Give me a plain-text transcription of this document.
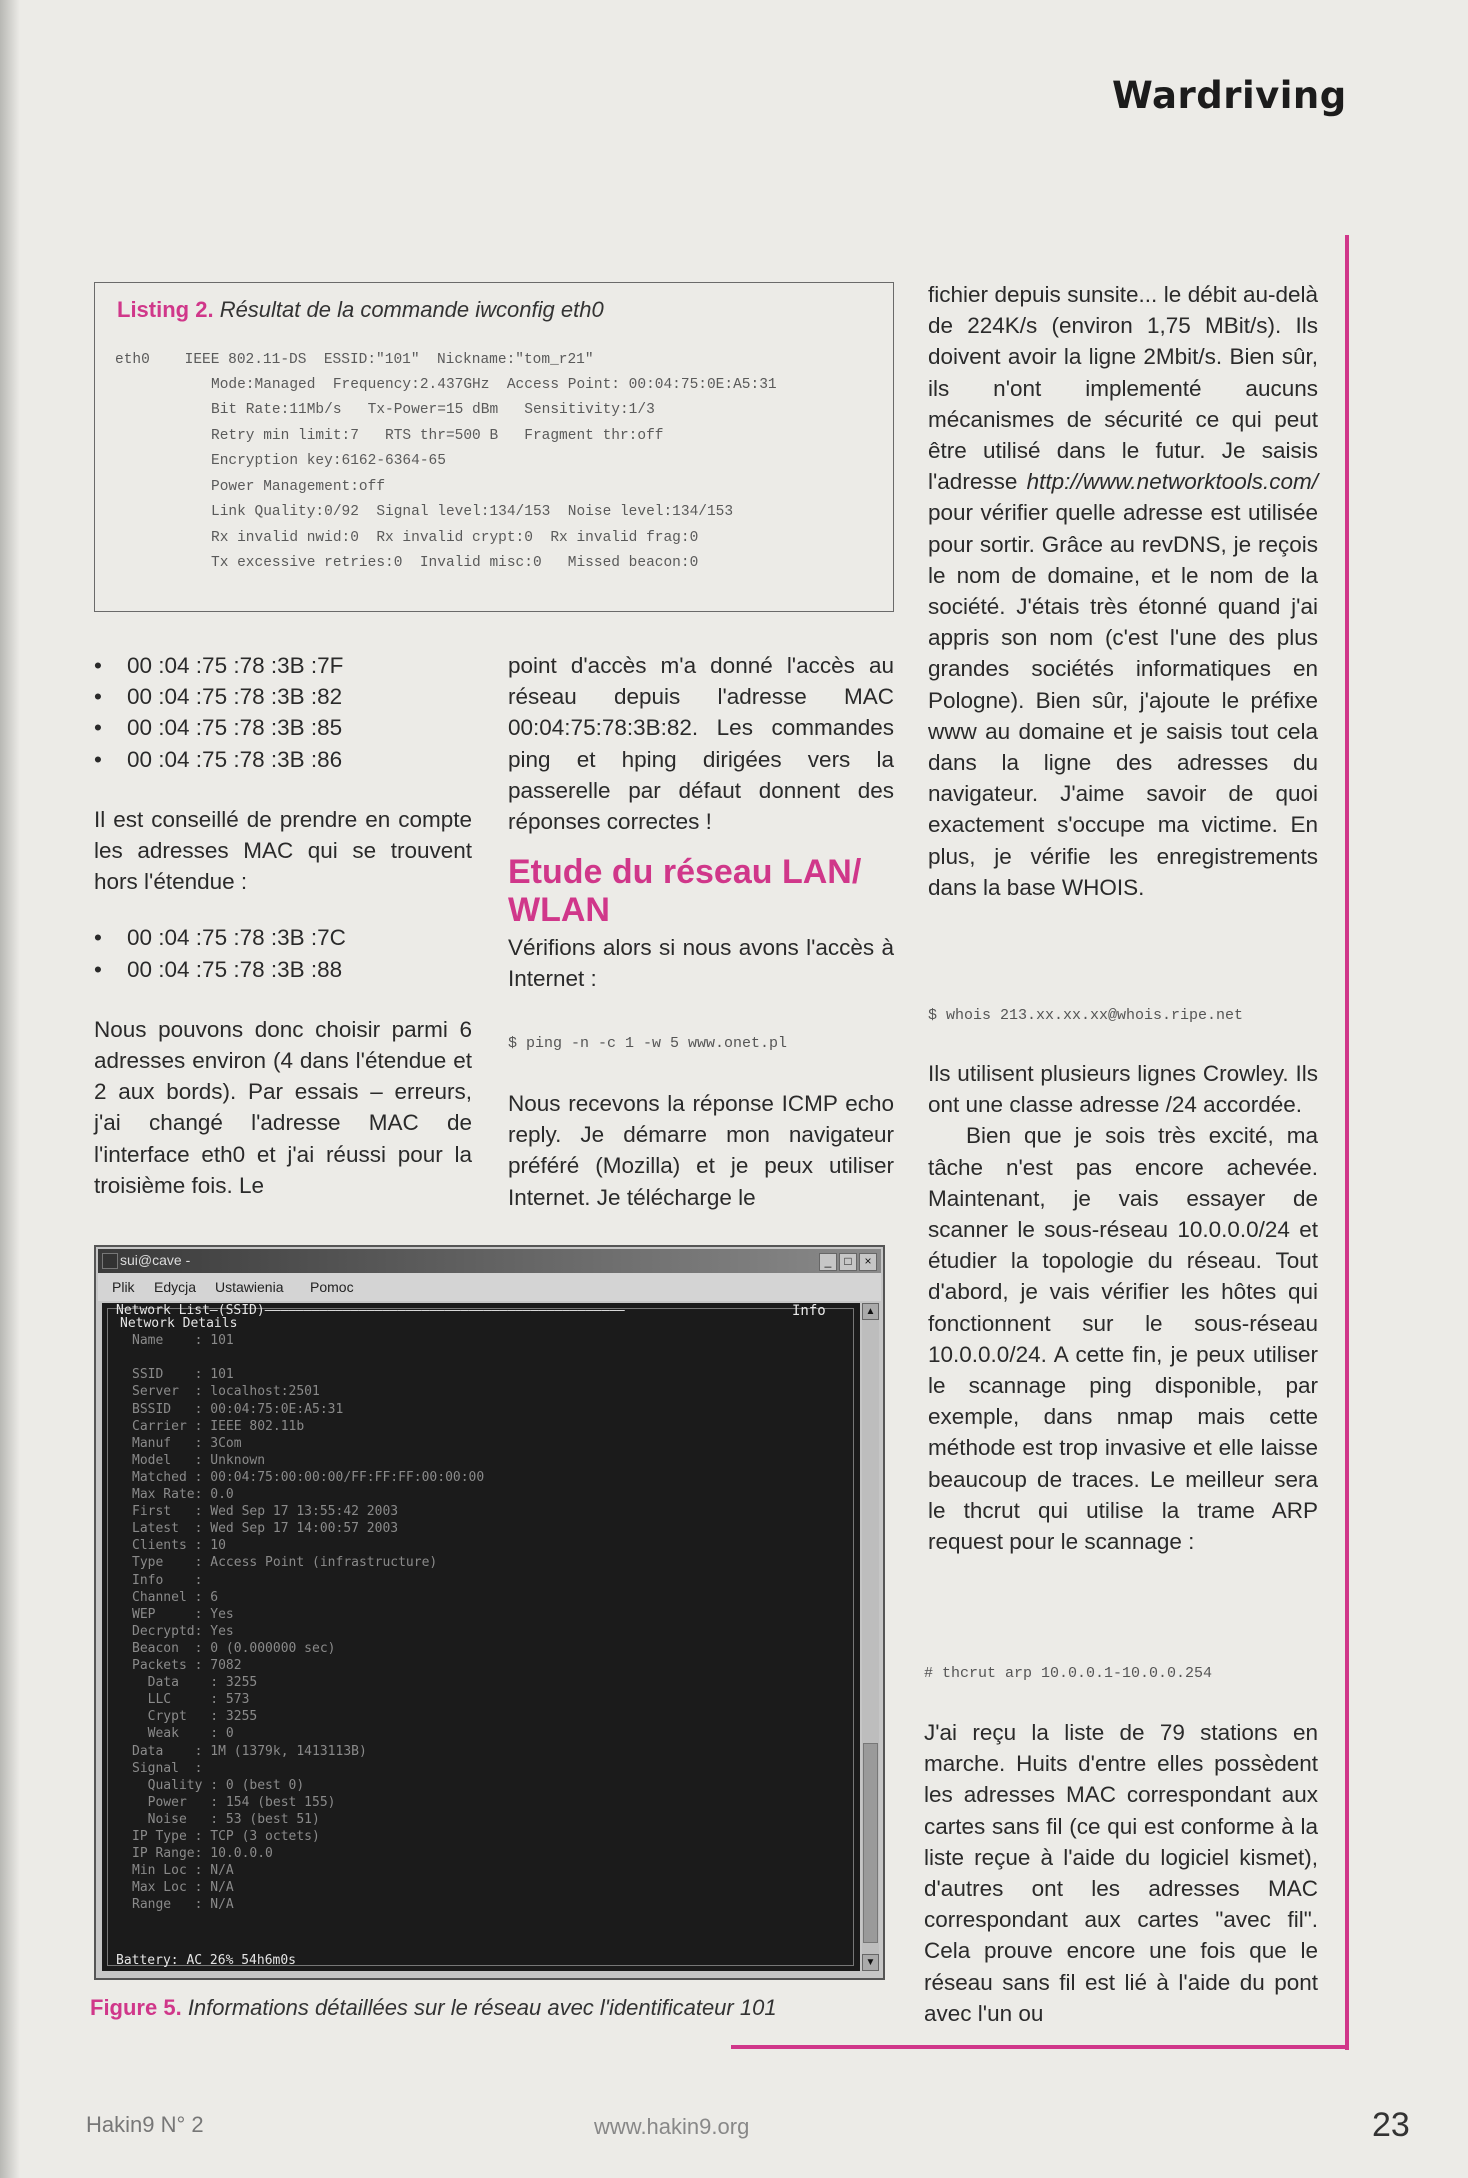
Wardriving
Listing 2. Résultat de la commande iwconfig eth0
eth0    IEEE 802.11-DS  ESSID:"101"  Nickname:"tom_r21"
Mode:Managed  Frequency:2.437GHz  Access Point: 00:04:75:0E:A5:31
Bit Rate:11Mb/s   Tx-Power=15 dBm   Sensitivity:1/3
Retry min limit:7   RTS thr=500 B   Fragment thr:off
Encryption key:6162-6364-65
Power Management:off
Link Quality:0/92  Signal level:134/153  Noise level:134/153
Rx invalid nwid:0  Rx invalid crypt:0  Rx invalid frag:0
Tx excessive retries:0  Invalid misc:0   Missed beacon:0
• 00 :04 :75 :78 :3B :7F
• 00 :04 :75 :78 :3B :82
• 00 :04 :75 :78 :3B :85
• 00 :04 :75 :78 :3B :86

Il est conseillé de prendre en compte les adresses MAC qui se trouvent hors l'étendue :

• 00 :04 :75 :78 :3B :7C
• 00 :04 :75 :78 :3B :88

Nous pouvons donc choisir parmi 6 adresses environ (4 dans l'étendue et 2 aux bords). Par essais – erreurs, j'ai changé l'adresse MAC de l'interface eth0 et j'ai réussi pour la troisième fois. Le

point d'accès m'a donné l'accès au réseau depuis l'adresse MAC 00:04:75:78:3B:82. Les commandes ping et hping dirigées vers la passerelle par défaut donnent des réponses correctes !

Etude du réseau LAN/ WLAN

Vérifions alors si nous avons l'accès à Internet :

$ ping -n -c 1 -w 5 www.onet.pl

Nous recevons la réponse ICMP echo reply. Je démarre mon navigateur préféré (Mozilla) et je peux utiliser Internet. Je télécharge le

fichier depuis sunsite... le débit au-delà de 224K/s (environ 1,75 MBit/s). Ils doivent avoir la ligne 2Mbit/s. Bien sûr, ils n'ont implementé aucuns mécanismes de sécurité ce qui peut être utilisé dans le futur. Je saisis l'adresse http://www.networktools.com/ pour vérifier quelle adresse est utilisée pour sortir. Grâce au revDNS, je reçois le nom de domaine, et le nom de la société. J'étais très étonné quand j'ai appris son nom (c'est l'une des plus grandes sociétés informatiques en Pologne). Bien sûr, j'ajoute le préfixe www au domaine et je saisis tout cela dans la ligne des adresses du navigateur. J'aime savoir de quoi exactement s'occupe ma victime. En plus, je vérifie les enregistrements dans la base WHOIS.

$ whois 213.xx.xx.xx@whois.ripe.net

Ils utilisent plusieurs lignes Crowley. Ils ont une classe adresse /24 accordée.

Bien que je sois très excité, ma tâche n'est pas encore achevée. Maintenant, je vais essayer de scanner le sous-réseau 10.0.0.0/24 et étudier la topologie du réseau. Tout d'abord, je vais vérifier les hôtes qui fonctionnent sur le sous-réseau 10.0.0.0/24. A cette fin, je peux utiliser le scannage ping disponible, par exemple, dans nmap mais cette méthode est trop invasive et elle laisse beaucoup de traces. Le meilleur sera le thcrut qui utilise la trame ARP request pour le scannage :

# thcrut arp 10.0.0.1-10.0.0.254

J'ai reçu la liste de 79 stations en marche. Huits d'entre elles possèdent les adresses MAC correspondant aux cartes sans fil (ce qui est conforme à la liste reçue à l'aide du logiciel kismet), d'autres ont les adresses MAC correspondant aux cartes "avec fil". Cela prouve encore une fois que le réseau sans fil est lié à l'aide du pont avec l'un ou

sui@cave -	_	□	×
Plik Edycja Ustawienia Pomoc
Info
Network List—(SSID)——————————————————————————————————————————————
Network Details
Name    : 101
SSID    : 101
Server  : localhost:2501
BSSID   : 00:04:75:0E:A5:31
Carrier : IEEE 802.11b
Manuf   : 3Com
Model   : Unknown
Matched : 00:04:75:00:00:00/FF:FF:FF:00:00:00
Max Rate: 0.0
First   : Wed Sep 17 13:55:42 2003
Latest  : Wed Sep 17 14:00:57 2003
Clients : 10
Type    : Access Point (infrastructure)
Info    :
Channel : 6
WEP     : Yes
Decryptd: Yes
Beacon  : 0 (0.000000 sec)
Packets : 7082
Data    : 3255
LLC     : 573
Crypt   : 3255
Weak    : 0
Data    : 1M (1379k, 1413113B)
Signal  :
Quality : 0 (best 0)
Power   : 154 (best 155)
Noise   : 53 (best 51)
IP Type : TCP (3 octets)
IP Range: 10.0.0.0
Min Loc : N/A
Max Loc : N/A
Range   : N/A
Battery: AC 26% 54h6m0s
▲
▼
Figure 5. Informations détaillées sur le réseau avec l'identificateur 101
Hakin9 N° 2	www.hakin9.org	23
